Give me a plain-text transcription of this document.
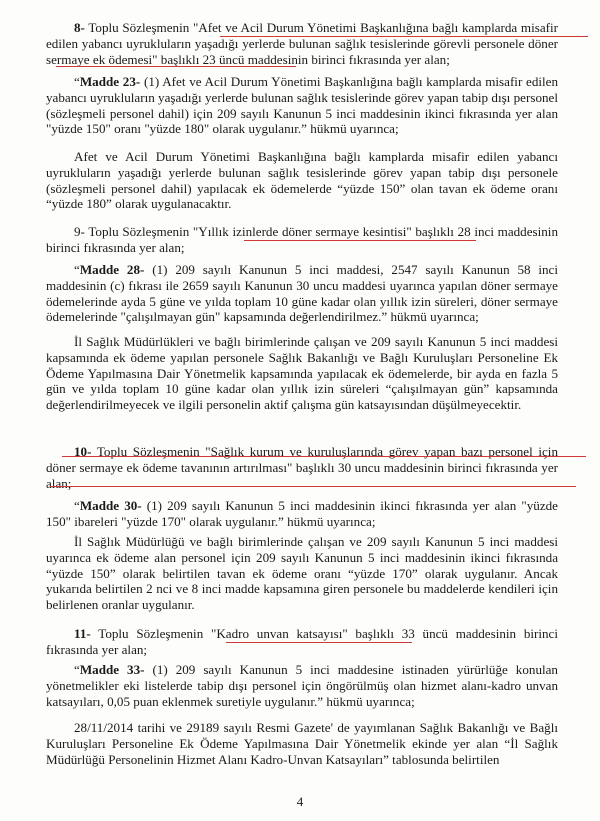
8- Toplu Sözleşmenin "Afet ve Acil Durum Yönetimi Başkanlığına bağlı kamplarda misafir edilen yabancı uyrukluların yaşadığı yerlerde bulunan sağlık tesislerinde görevli personele döner sermaye ek ödemesi" başlıklı 23 üncü maddesinin birinci fıkrasında yer alan;

“Madde 23- (1) Afet ve Acil Durum Yönetimi Başkanlığına bağlı kamplarda misafir edilen yabancı uyrukluların yaşadığı yerlerde bulunan sağlık tesislerinde görev yapan tabip dışı personel (sözleşmeli personel dahil) için 209 sayılı Kanunun 5 inci maddesinin ikinci fıkrasında yer alan "yüzde 150" oranı "yüzde 180" olarak uygulanır.” hükmü uyarınca;

Afet ve Acil Durum Yönetimi Başkanlığına bağlı kamplarda misafir edilen yabancı uyrukluların yaşadığı yerlerde bulunan sağlık tesislerinde görev yapan tabip dışı personele (sözleşmeli personel dahil) yapılacak ek ödemelerde “yüzde 150” olan tavan ek ödeme oranı “yüzde 180” olarak uygulanacaktır.

9- Toplu Sözleşmenin "Yıllık izinlerde döner sermaye kesintisi" başlıklı 28 inci maddesinin birinci fıkrasında yer alan;

“Madde 28- (1) 209 sayılı Kanunun 5 inci maddesi, 2547 sayılı Kanunun 58 inci maddesinin (c) fıkrası ile 2659 sayılı Kanunun 30 uncu maddesi uyarınca yapılan döner sermaye ödemelerinde ayda 5 güne ve yılda toplam 10 güne kadar olan yıllık izin süreleri, döner sermaye ödemelerinde "çalışılmayan gün" kapsamında değerlendirilmez.” hükmü uyarınca;

İl Sağlık Müdürlükleri ve bağlı birimlerinde çalışan ve 209 sayılı Kanunun 5 inci maddesi kapsamında ek ödeme yapılan personele Sağlık Bakanlığı ve Bağlı Kuruluşları Personeline Ek Ödeme Yapılmasına Dair Yönetmelik kapsamında yapılacak ek ödemelerde, bir ayda en fazla 5 gün ve yılda toplam 10 güne kadar olan yıllık izin süreleri “çalışılmayan gün” kapsamında değerlendirilmeyecek ve ilgili personelin aktif çalışma gün katsayısından düşülmeyecektir.

10- Toplu Sözleşmenin "Sağlık kurum ve kuruluşlarında görev yapan bazı personel için döner sermaye ek ödeme tavanının artırılması" başlıklı 30 uncu maddesinin birinci fıkrasında yer alan;

“Madde 30- (1) 209 sayılı Kanunun 5 inci maddesinin ikinci fıkrasında yer alan "yüzde 150" ibareleri "yüzde 170" olarak uygulanır.” hükmü uyarınca;

İl Sağlık Müdürlüğü ve bağlı birimlerinde çalışan ve 209 sayılı Kanunun 5 inci maddesi uyarınca ek ödeme alan personel için 209 sayılı Kanunun 5 inci maddesinin ikinci fıkrasında “yüzde 150” olarak belirtilen tavan ek ödeme oranı “yüzde 170” olarak uygulanır. Ancak yukarıda belirtilen 2 nci ve 8 inci madde kapsamına giren personele bu maddelerde kendileri için belirlenen oranlar uygulanır.

11- Toplu Sözleşmenin "Kadro unvan katsayısı" başlıklı 33 üncü maddesinin birinci fıkrasında yer alan;

“Madde 33- (1) 209 sayılı Kanunun 5 inci maddesine istinaden yürürlüğe konulan yönetmelikler eki listelerde tabip dışı personel için öngörülmüş olan hizmet alanı-kadro unvan katsayıları, 0,05 puan eklenmek suretiyle uygulanır.” hükmü uyarınca;

28/11/2014 tarihi ve 29189 sayılı Resmi Gazete' de yayımlanan Sağlık Bakanlığı ve Bağlı Kuruluşları Personeline Ek Ödeme Yapılmasına Dair Yönetmelik ekinde yer alan “İl Sağlık Müdürlüğü Personelinin Hizmet Alanı Kadro-Unvan Katsayıları” tablosunda belirtilen

4
